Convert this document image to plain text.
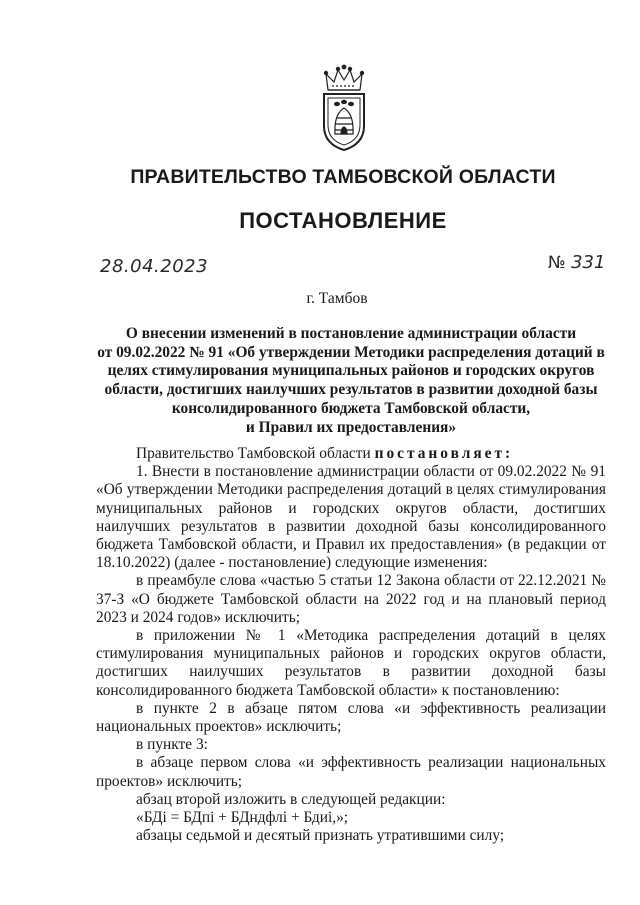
ПРАВИТЕЛЬСТВО ТАМБОВСКОЙ ОБЛАСТИ
ПОСТАНОВЛЕНИЕ
28.04.2023	№ 331
г. Тамбов
О внесении изменений в постановление администрации области
от 09.02.2022 № 91 «Об утверждении Методики распределения дотаций в
целях стимулирования муниципальных районов и городских округов
области, достигших наилучших результатов в развитии доходной базы
консолидированного бюджета Тамбовской области,
и Правил их предоставления»
Правительство Тамбовской области постановляет:
1. Внести в постановление администрации области от 09.02.2022 № 91 «Об утверждении Методики распределения дотаций в целях стимулирования муниципальных районов и городских округов области, достигших наилучших результатов в развитии доходной базы консолидированного бюджета Тамбовской области, и Правил их предоставления» (в редакции от 18.10.2022) (далее - постановление) следующие изменения:
в преамбуле слова «частью 5 статьи 12 Закона области от 22.12.2021 № 37-З «О бюджете Тамбовской области на 2022 год и на плановый период 2023 и 2024 годов» исключить;
в приложении № 1 «Методика распределения дотаций в целях стимулирования муниципальных районов и городских округов области, достигших наилучших результатов в развитии доходной базы консолидированного бюджета Тамбовской области» к постановлению:
в пункте 2 в абзаце пятом слова «и эффективность реализации национальных проектов» исключить;
в пункте 3:
в абзаце первом слова «и эффективность реализации национальных проектов» исключить;
абзац второй изложить в следующей редакции:
«БДi = БДпi + БДндфлi + Бдиi,»;
абзацы седьмой и десятый признать утратившими силу;
